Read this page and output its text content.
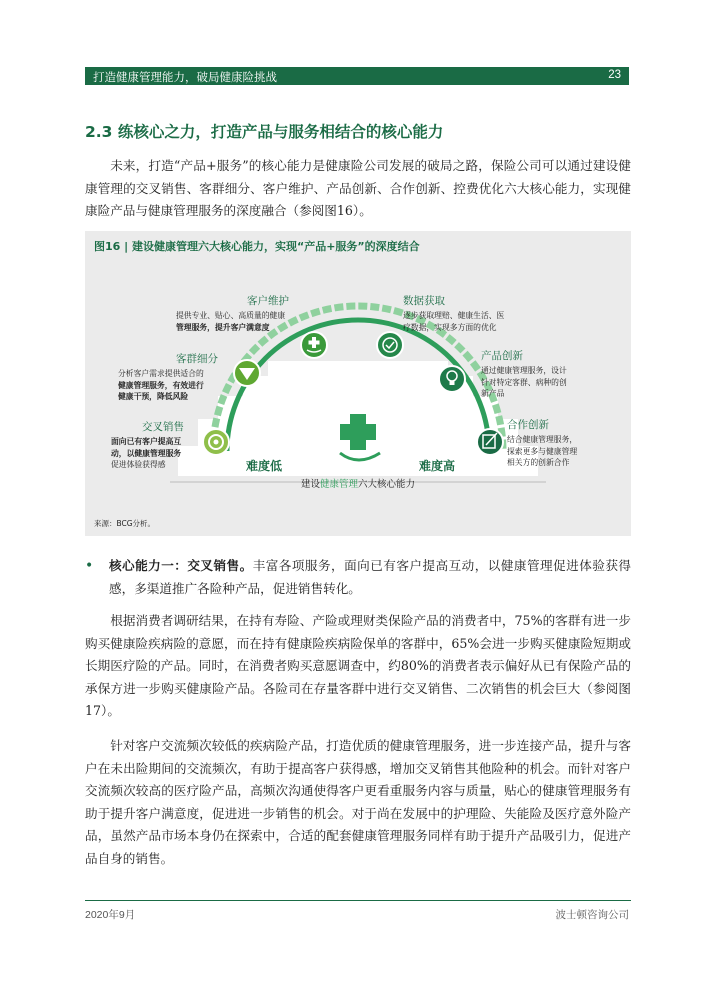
打造健康管理能力，破局健康险挑战	23
2.3 练核心之力，打造产品与服务相结合的核心能力
未来，打造“产品+服务”的核心能力是健康险公司发展的破局之路，保险公司可以通过建设健康管理的交叉销售、客群细分、客户维护、产品创新、合作创新、控费优化六大核心能力，实现健康险产品与健康管理服务的深度融合（参阅图16）。
图16 | 建设健康管理六大核心能力，实现“产品+服务”的深度结合
交叉销售
面向已有客户提高互
动，以健康管理服务
促进体验获得感
客群细分
分析客户需求提供适合的
健康管理服务，有效进行
健康干预，降低风险
客户维护
提供专业、贴心、高质量的健康
管理服务，提升客户满意度
数据获取
逐步获取理赔、健康生活、医
疗数据，实现多方面的优化
产品创新
通过健康管理服务，设计
针对特定客群、病种的创
新产品
合作创新
结合健康管理服务，
探索更多与健康管理
相关方的创新合作
难度低	难度高
建设健康管理六大核心能力
来源：BCG分析。
• 核心能力一：交叉销售。丰富各项服务，面向已有客户提高互动，以健康管理促进体验获得感，多渠道推广各险种产品，促进销售转化。
根据消费者调研结果，在持有寿险、产险或理财类保险产品的消费者中，75%的客群有进一步购买健康险疾病险的意愿，而在持有健康险疾病险保单的客群中，65%会进一步购买健康险短期或长期医疗险的产品。同时，在消费者购买意愿调查中，约80%的消费者表示偏好从已有保险产品的承保方进一步购买健康险产品。各险司在存量客群中进行交叉销售、二次销售的机会巨大（参阅图17）。
针对客户交流频次较低的疾病险产品，打造优质的健康管理服务，进一步连接产品，提升与客户在未出险期间的交流频次，有助于提高客户获得感，增加交叉销售其他险种的机会。而针对客户交流频次较高的医疗险产品，高频次沟通使得客户更看重服务内容与质量，贴心的健康管理服务有助于提升客户满意度，促进进一步销售的机会。对于尚在发展中的护理险、失能险及医疗意外险产品，虽然产品市场本身仍在探索中，合适的配套健康管理服务同样有助于提升产品吸引力，促进产品自身的销售。
2020年9月	波士顿咨询公司
